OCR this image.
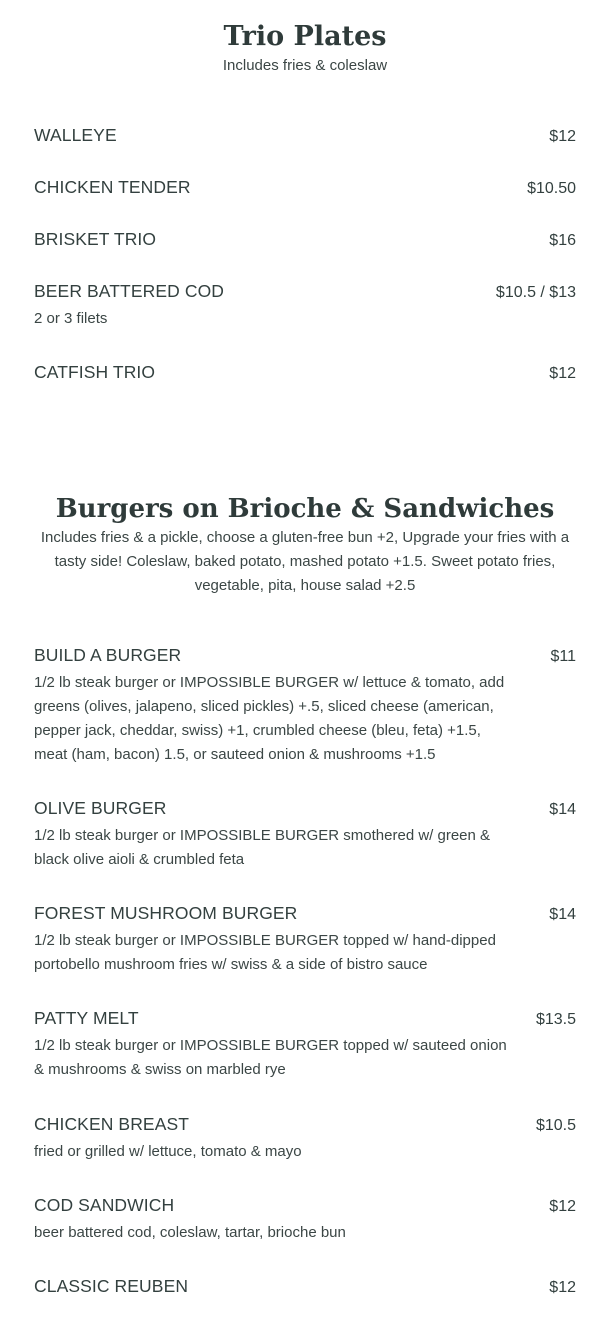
Trio Plates

Includes fries & coleslaw

WALLEYE	$12
CHICKEN TENDER	$10.50
BRISKET TRIO	$16
BEER BATTERED COD	$10.5 / $13
2 or 3 filets
CATFISH TRIO	$12
Burgers on Brioche & Sandwiches

Includes fries & a pickle, choose a gluten-free bun +2, Upgrade your fries with a tasty side! Coleslaw, baked potato, mashed potato +1.5. Sweet potato fries, vegetable, pita, house salad +2.5

BUILD A BURGER	$11
1/2 lb steak burger or IMPOSSIBLE BURGER w/ lettuce & tomato, add greens (olives, jalapeno, sliced pickles) +.5, sliced cheese (american, pepper jack, cheddar, swiss) +1, crumbled cheese (bleu, feta) +1.5, meat (ham, bacon) 1.5, or sauteed onion & mushrooms +1.5
OLIVE BURGER	$14
1/2 lb steak burger or IMPOSSIBLE BURGER smothered w/ green & black olive aioli & crumbled feta
FOREST MUSHROOM BURGER	$14
1/2 lb steak burger or IMPOSSIBLE BURGER topped w/ hand-dipped portobello mushroom fries w/ swiss & a side of bistro sauce
PATTY MELT	$13.5
1/2 lb steak burger or IMPOSSIBLE BURGER topped w/ sauteed onion & mushrooms & swiss on marbled rye
CHICKEN BREAST	$10.5
fried or grilled w/ lettuce, tomato & mayo
COD SANDWICH	$12
beer battered cod, coleslaw, tartar, brioche bun
CLASSIC REUBEN	$12
